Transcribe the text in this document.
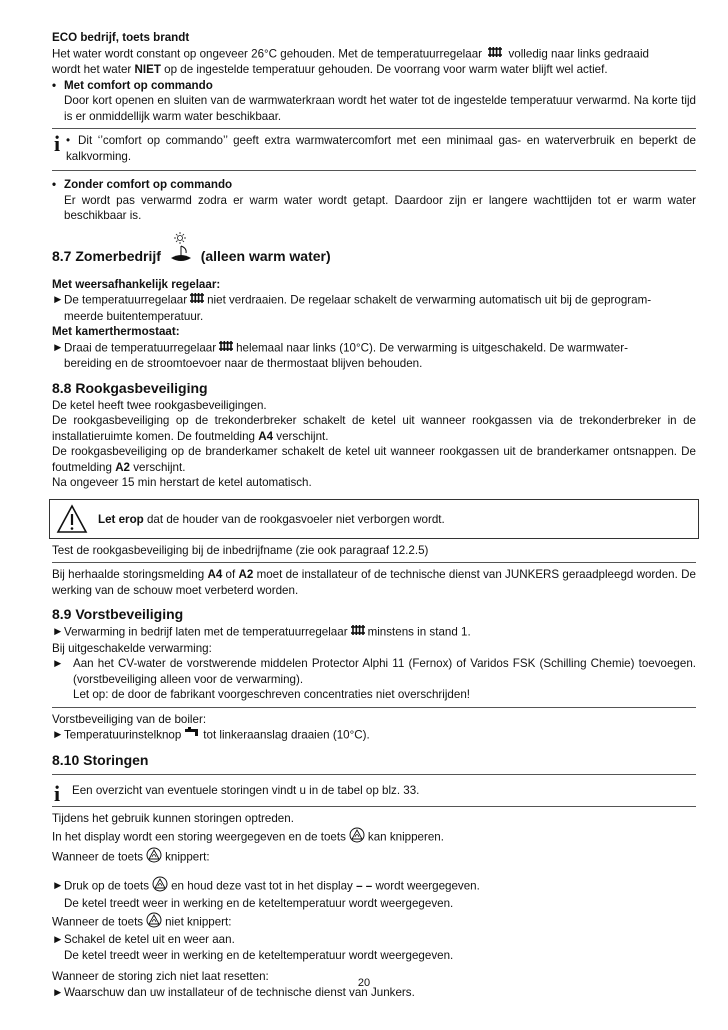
ECO bedrijf, toets brandt

Het water wordt constant op ongeveer 26°C gehouden. Met de temperatuurregelaar volledig naar links gedraaid

wordt het water NIET op de ingestelde temperatuur gehouden. De voorrang voor warm water blijft wel actief.

• Met comfort op commando

Door kort openen en sluiten van de warmwaterkraan wordt het water tot de ingestelde temperatuur verwarmd. Na korte tijd is er onmiddellijk warm water beschikbaar.

i • Dit ‘’comfort op commando’’ geeft extra warmwatercomfort met een minimaal gas- en waterverbruik en beperkt de kalkvorming.

• Zonder comfort op commando

Er wordt pas verwarmd zodra er warm water wordt getapt. Daardoor zijn er langere wachttijden tot er warm water beschikbaar is.

8.7 Zomerbedrijf	(alleen warm water)

Met weersafhankelijk regelaar:

►De temperatuurregelaar niet verdraaien. De regelaar schakelt de verwarming automatisch uit bij de geprogram-

meerde buitentemperatuur.

Met kamerthermostaat:

►Draai de temperatuurregelaar helemaal naar links (10°C). De verwarming is uitgeschakeld. De warmwater-

bereiding en de stroomtoevoer naar de thermostaat blijven behouden.

8.8 Rookgasbeveiliging

De ketel heeft twee rookgasbeveiligingen.

De rookgasbeveiliging op de trekonderbreker schakelt de ketel uit wanneer rookgassen via de trekonderbreker in de installatieruimte komen. De foutmelding A4 verschijnt.

De rookgasbeveiliging op de branderkamer schakelt de ketel uit wanneer rookgassen uit de branderkamer ontsnappen. De foutmelding A2 verschijnt.

Na ongeveer 15 min herstart de ketel automatisch.

Let erop dat de houder van de rookgasvoeler niet verborgen wordt.

Test de rookgasbeveiliging bij de inbedrijfname (zie ook paragraaf 12.2.5)

Bij herhaalde storingsmelding A4 of A2 moet de installateur of de technische dienst van JUNKERS geraadpleegd worden. De werking van de schouw moet verbeterd worden.

8.9 Vorstbeveiliging

►Verwarming in bedrijf laten met de temperatuurregelaar minstens in stand 1.

Bij uitgeschakelde verwarming:

► Aan het CV-water de vorstwerende middelen Protector Alphi 11 (Fernox) of Varidos FSK (Schilling Chemie) toevoegen. (vorstbeveiliging alleen voor de verwarming).

Let op: de door de fabrikant voorgeschreven concentraties niet overschrijden!

Vorstbeveiliging van de boiler:

►Temperatuurinstelknop tot linkeraanslag draaien (10°C).

8.10 Storingen
i	Een overzicht van eventuele storingen vindt u in de tabel op blz. 33.

Tijdens het gebruik kunnen storingen optreden.

In het display wordt een storing weergegeven en de toets kan knipperen.

Wanneer de toets knippert:

►Druk op de toets en houd deze vast tot in het display – – wordt weergegeven.

De ketel treedt weer in werking en de keteltemperatuur wordt weergegeven.

Wanneer de toets niet knippert:

►Schakel de ketel uit en weer aan.

De ketel treedt weer in werking en de keteltemperatuur wordt weergegeven.

Wanneer de storing zich niet laat resetten:

►Waarschuw dan uw installateur of de technische dienst van Junkers.

20
